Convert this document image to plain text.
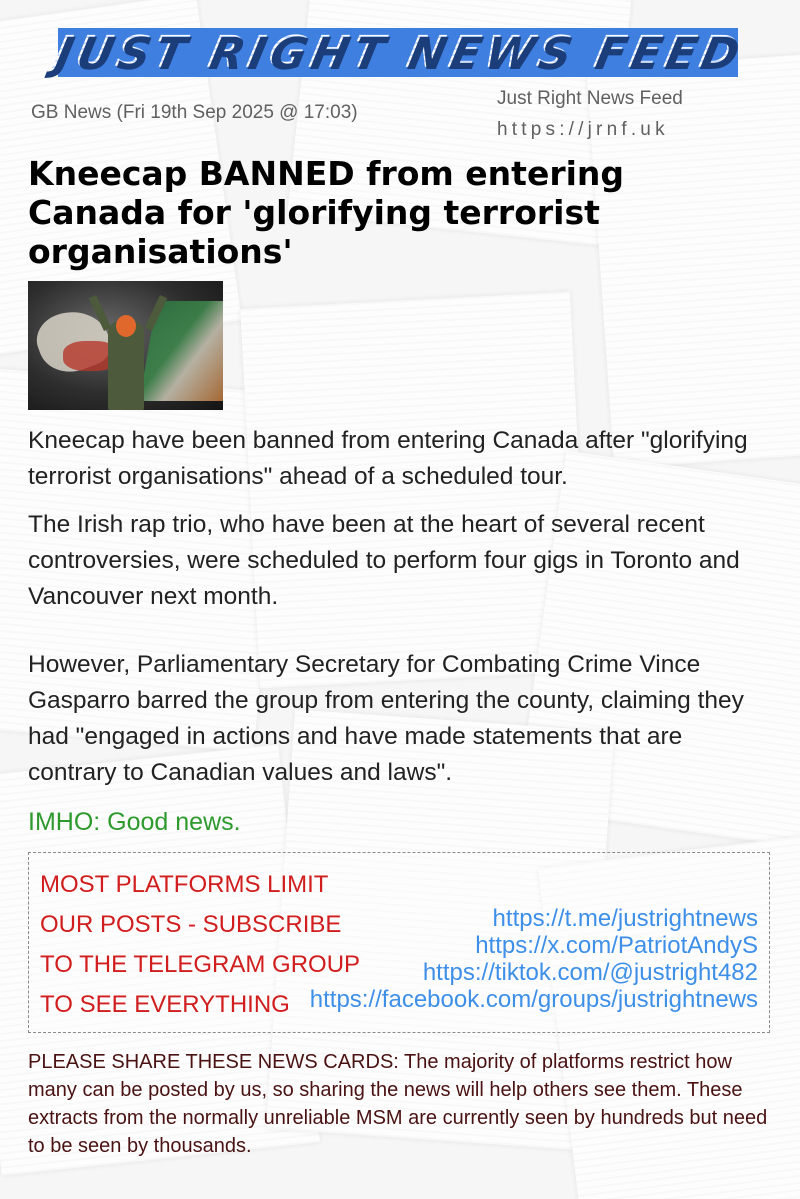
JUST RIGHT NEWS FEED
GB News (Fri 19th Sep 2025 @ 17:03)
Just Right News Feed
https://jrnf.uk
Kneecap BANNED from entering Canada for 'glorifying terrorist organisations'

Kneecap have been banned from entering Canada after "glorifying terrorist organisations" ahead of a scheduled tour.

The Irish rap trio, who have been at the heart of several recent controversies, were scheduled to perform four gigs in Toronto and Vancouver next month.

However, Parliamentary Secretary for Combating Crime Vince Gasparro barred the group from entering the county, claiming they had "engaged in actions and have made statements that are contrary to Canadian values and laws".

IMHO: Good news.

MOST PLATFORMS LIMIT
OUR POSTS - SUBSCRIBE
TO THE TELEGRAM GROUP
TO SEE EVERYTHING
https://t.me/justrightnews
https://x.com/PatriotAndyS
https://tiktok.com/@justright482
https://facebook.com/groups/justrightnews

PLEASE SHARE THESE NEWS CARDS: The majority of platforms restrict how many can be posted by us, so sharing the news will help others see them. These extracts from the normally unreliable MSM are currently seen by hundreds but need to be seen by thousands.
